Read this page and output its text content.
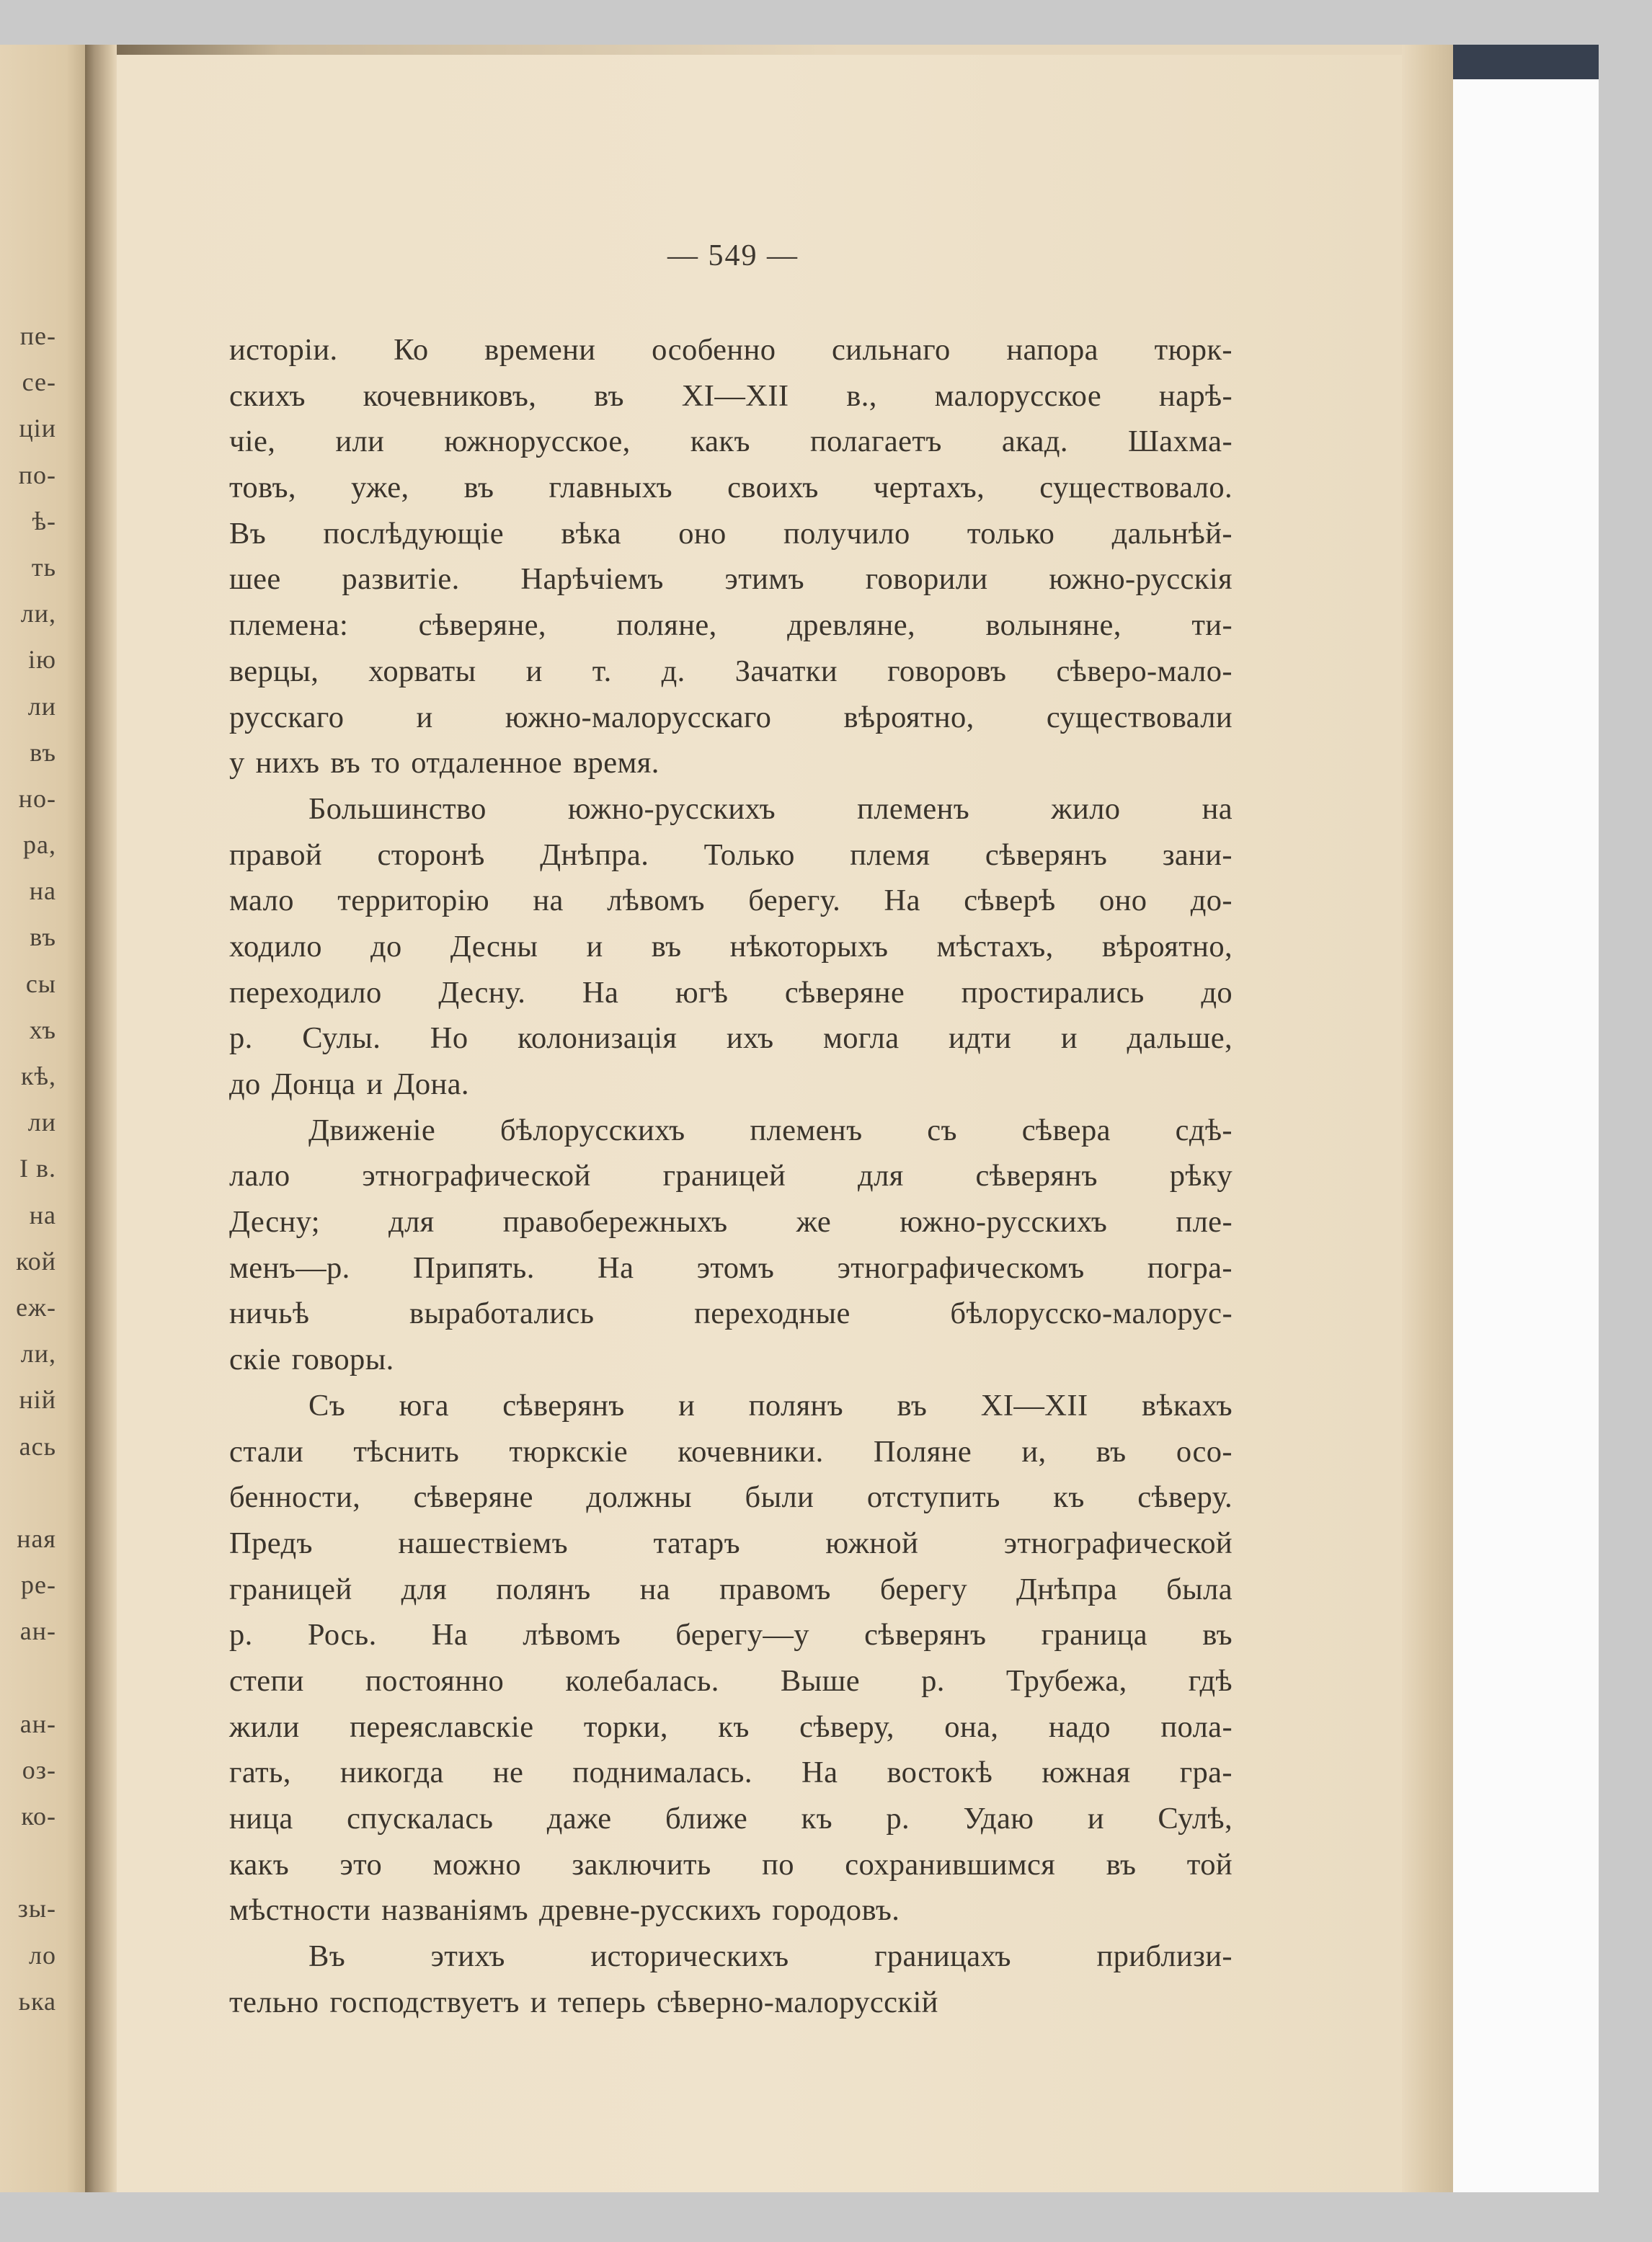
пе-
се-
ціи
по-
ѣ-
ть
ли,
ію
ли
въ
но-
ра,
на
въ
сы
хъ
кѣ,
ли
I в.
на
кой
еж-
ли,
ній
ась
ная
ре-
ан-
ан-
оз-
ко-
зы-
ло
ька
— 549 —
исторіи. Ко времени особенно сильнаго напора тюрк-
скихъ кочевниковъ, въ XI—XII в., малорусское нарѣ-
чіе, или южнорусское, какъ полагаетъ акад. Шахма-
товъ, уже, въ главныхъ своихъ чертахъ, существовало.
Въ послѣдующіе вѣка оно получило только дальнѣй-
шее развитіе. Нарѣчіемъ этимъ говорили южно-русскія
племена: сѣверяне, поляне, древляне, волыняне, ти-
верцы, хорваты и т. д. Зачатки говоровъ сѣверо-мало-
русскаго и южно-малорусскаго вѣроятно, существовали
у нихъ въ то отдаленное время.
Большинство южно-русскихъ племенъ жило на
правой сторонѣ Днѣпра. Только племя сѣверянъ зани-
мало территорію на лѣвомъ берегу. На сѣверѣ оно до-
ходило до Десны и въ нѣкоторыхъ мѣстахъ, вѣроятно,
переходило Десну. На югѣ сѣверяне простирались до
р. Сулы. Но колонизація ихъ могла идти и дальше,
до Донца и Дона.
Движеніе бѣлорусскихъ племенъ съ сѣвера сдѣ-
лало этнографической границей для сѣверянъ рѣку
Десну; для правобережныхъ же южно-русскихъ пле-
менъ—р. Припять. На этомъ этнографическомъ погра-
ничьѣ выработались переходные бѣлорусско-малорус-
скіе говоры.
Съ юга сѣверянъ и полянъ въ XI—XII вѣкахъ
стали тѣснить тюркскіе кочевники. Поляне и, въ осо-
бенности, сѣверяне должны были отступить къ сѣверу.
Предъ нашествіемъ татаръ южной этнографической
границей для полянъ на правомъ берегу Днѣпра была
р. Рось. На лѣвомъ берегу—у сѣверянъ граница въ
степи постоянно колебалась. Выше р. Трубежа, гдѣ
жили переяславскіе торки, къ сѣверу, она, надо пола-
гать, никогда не поднималась. На востокѣ южная гра-
ница спускалась даже ближе къ р. Удаю и Сулѣ,
какъ это можно заключить по сохранившимся въ той
мѣстности названіямъ древне-русскихъ городовъ.
Въ этихъ историческихъ границахъ приблизи-
тельно господствуетъ и теперь сѣверно-малорусскій
